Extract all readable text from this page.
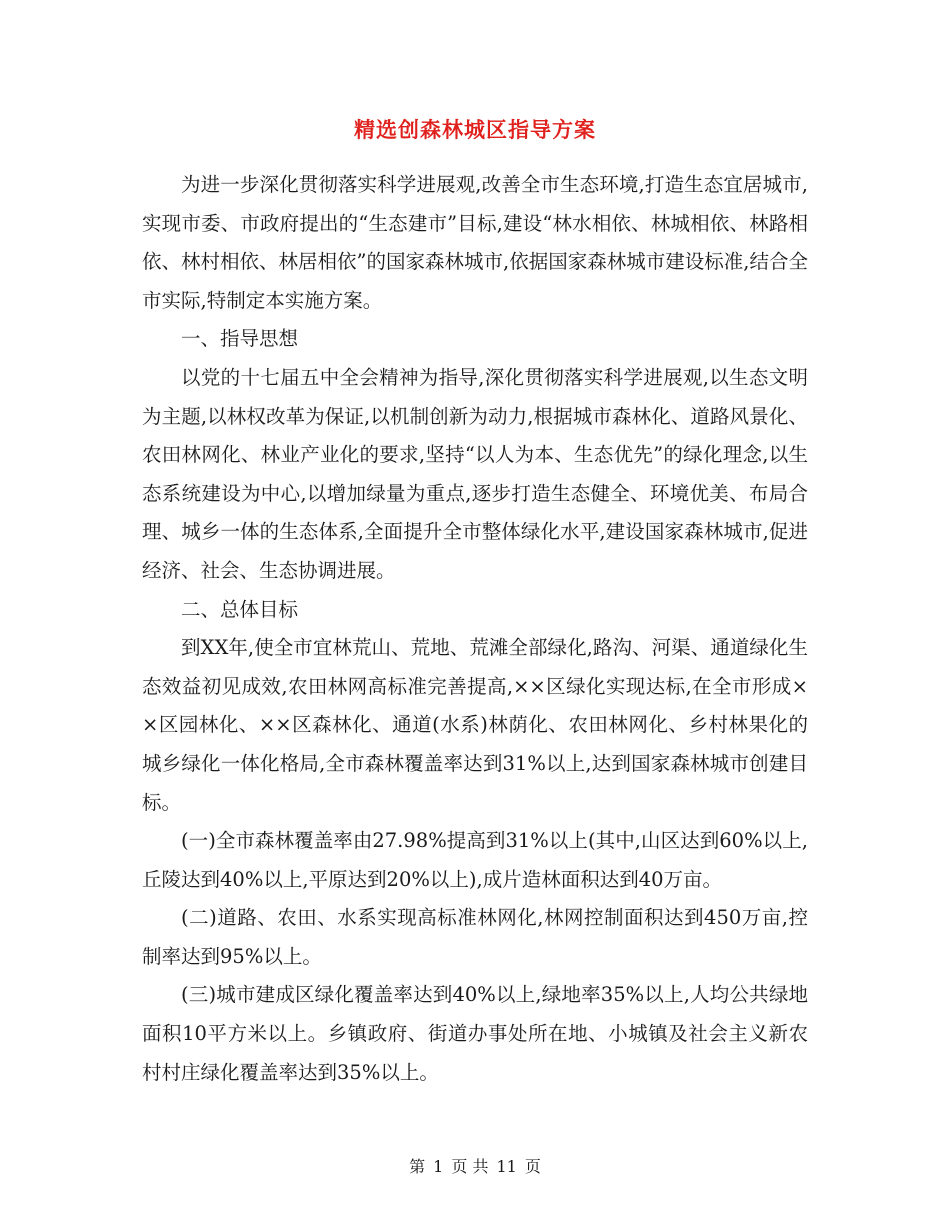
精选创森林城区指导方案

为进一步深化贯彻落实科学进展观,改善全市生态环境,打造生态宜居城市,实现市委、市政府提出的“生态建市”目标,建设“林水相依、林城相依、林路相依、林村相依、林居相依”的国家森林城市,依据国家森林城市建设标准,结合全市实际,特制定本实施方案。

一、指导思想

以党的十七届五中全会精神为指导,深化贯彻落实科学进展观,以生态文明为主题,以林权改革为保证,以机制创新为动力,根据城市森林化、道路风景化、农田林网化、林业产业化的要求,坚持“以人为本、生态优先”的绿化理念,以生态系统建设为中心,以增加绿量为重点,逐步打造生态健全、环境优美、布局合理、城乡一体的生态体系,全面提升全市整体绿化水平,建设国家森林城市,促进经济、社会、生态协调进展。

二、总体目标

到XX年,使全市宜林荒山、荒地、荒滩全部绿化,路沟、河渠、通道绿化生态效益初见成效,农田林网高标准完善提高,××区绿化实现达标,在全市形成××区园林化、××区森林化、通道(水系)林荫化、农田林网化、乡村林果化的城乡绿化一体化格局,全市森林覆盖率达到31%以上,达到国家森林城市创建目标。

(一)全市森林覆盖率由27.98%提高到31%以上(其中,山区达到60%以上,丘陵达到40%以上,平原达到20%以上),成片造林面积达到40万亩。

(二)道路、农田、水系实现高标准林网化,林网控制面积达到450万亩,控制率达到95%以上。

(三)城市建成区绿化覆盖率达到40%以上,绿地率35%以上,人均公共绿地面积10平方米以上。乡镇政府、街道办事处所在地、小城镇及社会主义新农村村庄绿化覆盖率达到35%以上。

第 1 页 共 11 页
